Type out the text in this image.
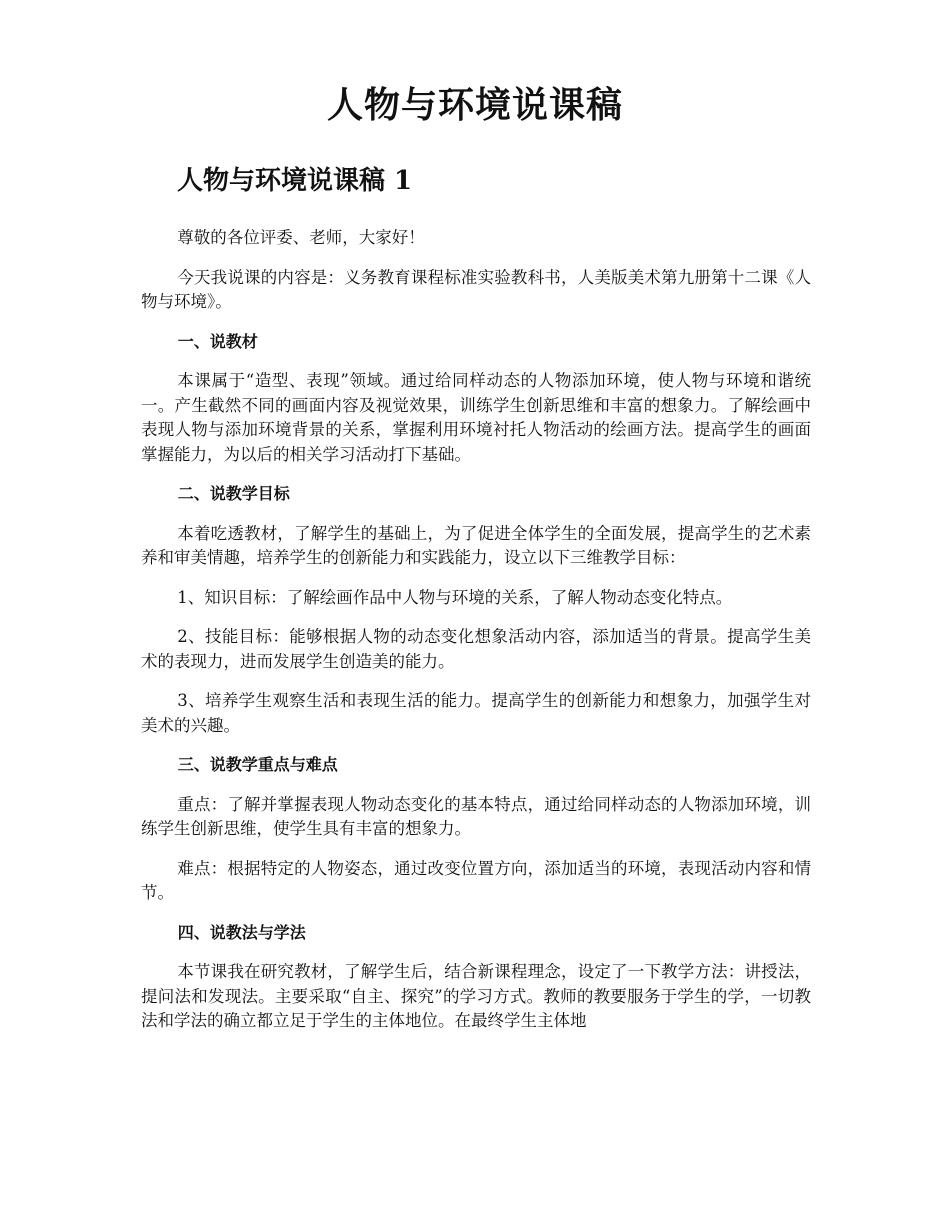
人物与环境说课稿
人物与环境说课稿 1

尊敬的各位评委、老师，大家好！

今天我说课的内容是：义务教育课程标准实验教科书，人美版美术第九册第十二课《人物与环境》。

一、说教材

本课属于“造型、表现”领域。通过给同样动态的人物添加环境，使人物与环境和谐统一。产生截然不同的画面内容及视觉效果，训练学生创新思维和丰富的想象力。了解绘画中表现人物与添加环境背景的关系，掌握利用环境衬托人物活动的绘画方法。提高学生的画面掌握能力，为以后的相关学习活动打下基础。

二、说教学目标

本着吃透教材，了解学生的基础上，为了促进全体学生的全面发展，提高学生的艺术素养和审美情趣，培养学生的创新能力和实践能力，设立以下三维教学目标：

1、知识目标：了解绘画作品中人物与环境的关系，了解人物动态变化特点。

2、技能目标：能够根据人物的动态变化想象活动内容，添加适当的背景。提高学生美术的表现力，进而发展学生创造美的能力。

3、培养学生观察生活和表现生活的能力。提高学生的创新能力和想象力，加强学生对美术的兴趣。

三、说教学重点与难点

重点：了解并掌握表现人物动态变化的基本特点，通过给同样动态的人物添加环境，训练学生创新思维，使学生具有丰富的想象力。

难点：根据特定的人物姿态，通过改变位置方向，添加适当的环境，表现活动内容和情节。

四、说教法与学法

本节课我在研究教材，了解学生后，结合新课程理念，设定了一下教学方法：讲授法，提问法和发现法。主要采取“自主、探究”的学习方式。教师的教要服务于学生的学，一切教法和学法的确立都立足于学生的主体地位。在最终学生主体地
